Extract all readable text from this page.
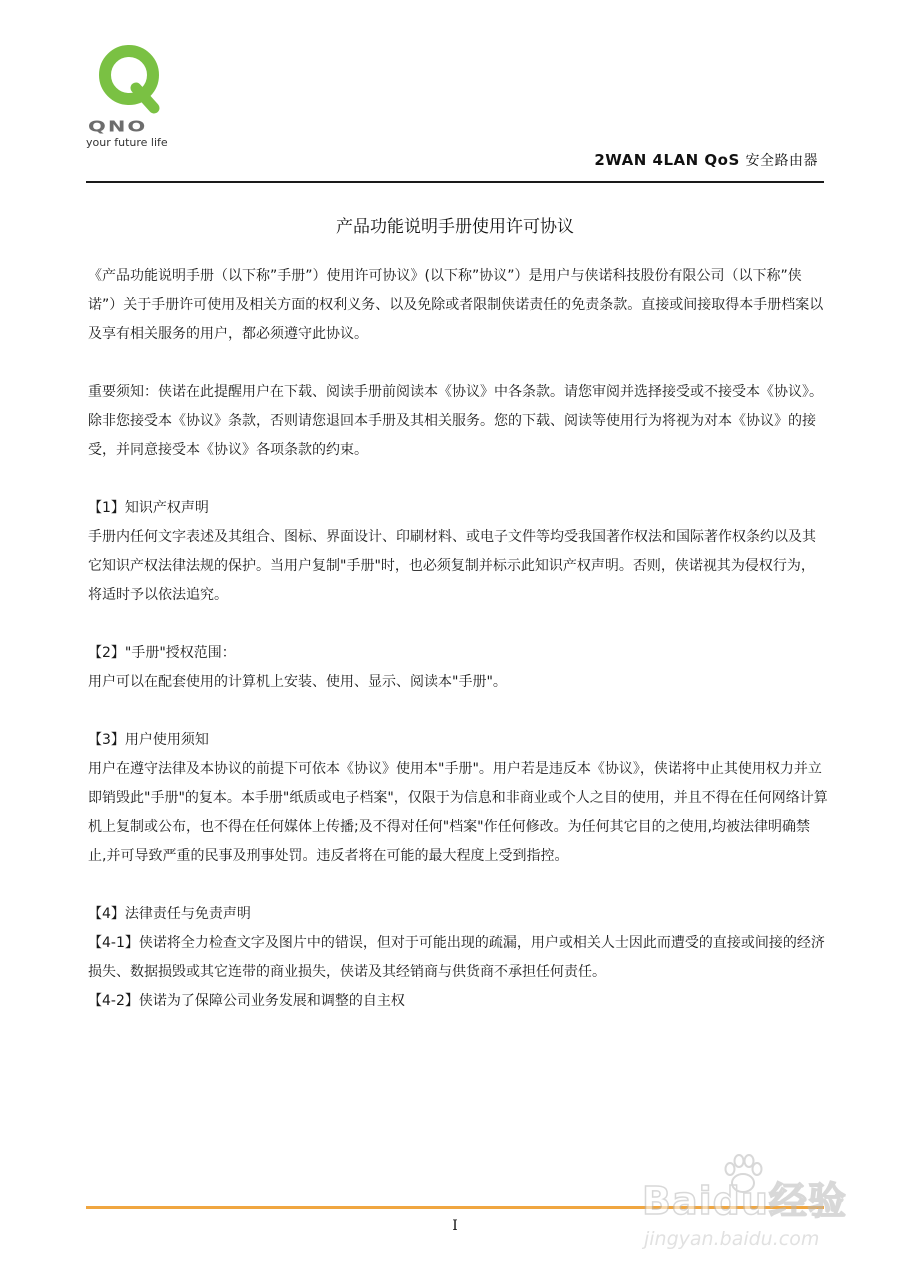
QNO
your future life
2WAN 4LAN QoS 安全路由器
产品功能说明手册使用许可协议

《产品功能说明手册（以下称”手册”）使用许可协议》(以下称”协议”）是用户与侠诺科技股份有限公司（以下称”侠诺”）关于手册许可使用及相关方面的权利义务、以及免除或者限制侠诺责任的免责条款。直接或间接取得本手册档案以及享有相关服务的用户，都必须遵守此协议。

重要须知：侠诺在此提醒用户在下载、阅读手册前阅读本《协议》中各条款。请您审阅并选择接受或不接受本《协议》。除非您接受本《协议》条款，否则请您退回本手册及其相关服务。您的下载、阅读等使用行为将视为对本《协议》的接受，并同意接受本《协议》各项条款的约束。

【1】知识产权声明

手册内任何文字表述及其组合、图标、界面设计、印刷材料、或电子文件等均受我国著作权法和国际著作权条约以及其它知识产权法律法规的保护。当用户复制"手册"时，也必须复制并标示此知识产权声明。否则，侠诺视其为侵权行为，将适时予以依法追究。

【2】"手册"授权范围：

用户可以在配套使用的计算机上安装、使用、显示、阅读本"手册"。

【3】用户使用须知

用户在遵守法律及本协议的前提下可依本《协议》使用本"手册"。用户若是违反本《协议》，侠诺将中止其使用权力并立即销毁此"手册"的复本。本手册"纸质或电子档案"，仅限于为信息和非商业或个人之目的使用，并且不得在任何网络计算机上复制或公布，也不得在任何媒体上传播;及不得对任何"档案"作任何修改。为任何其它目的之使用,均被法律明确禁止,并可导致严重的民事及刑事处罚。违反者将在可能的最大程度上受到指控。

【4】法律责任与免责声明

【4-1】侠诺将全力检查文字及图片中的错误，但对于可能出现的疏漏，用户或相关人士因此而遭受的直接或间接的经济损失、数据损毁或其它连带的商业损失，侠诺及其经销商与供货商不承担任何责任。

【4-2】侠诺为了保障公司业务发展和调整的自主权

I
Baidu经验
jingyan.baidu.com
